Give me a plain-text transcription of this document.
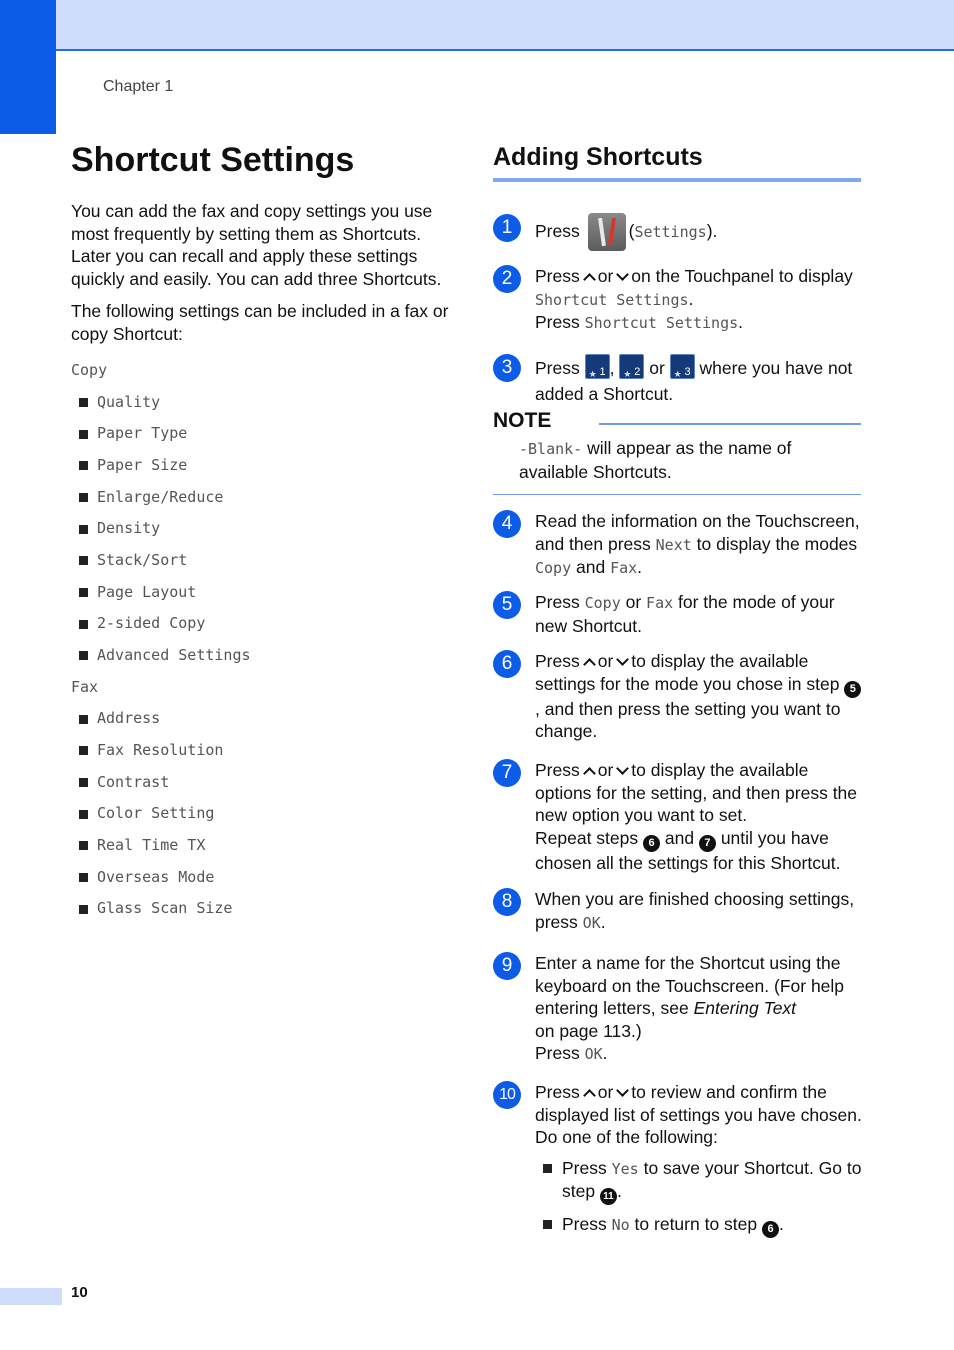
Chapter 1
Shortcut Settings

You can add the fax and copy settings you use most frequently by setting them as Shortcuts. Later you can recall and apply these settings quickly and easily. You can add three Shortcuts.

The following settings can be included in a fax or copy Shortcut:

Copy
Quality
Paper Type
Paper Size
Enlarge/Reduce
Density
Stack/Sort
Page Layout
2-sided Copy
Advanced Settings
Fax
Address
Fax Resolution
Contrast
Color Setting
Real Time TX
Overseas Mode
Glass Scan Size
Adding Shortcuts
1	Press	(Settings).
2	Press or on the Touchpanel to display Shortcut Settings.
Press Shortcut Settings.
3	Press ★ 1 , ★ 2 or ★ 3 where you have not added a Shortcut.
NOTE
-Blank- will appear as the name of available Shortcuts.
4	Read the information on the Touchscreen, and then press Next to display the modes Copy and Fax.
5	Press Copy or Fax for the mode of your new Shortcut.
6	Press or to display the available settings for the mode you chose in step 5, and then press the setting you want to change.
7	Press or to display the available options for the setting, and then press the new option you want to set.
Repeat steps 6 and 7 until you have chosen all the settings for this Shortcut.
8	When you are finished choosing settings, press OK.
9	Enter a name for the Shortcut using the keyboard on the Touchscreen. (For help entering letters, see Entering Text
on page 113.)
Press OK.
10	Press or to review and confirm the displayed list of settings you have chosen.
Do one of the following:
Press Yes to save your Shortcut. Go to step 11 .
Press No to return to step 6 .
10
